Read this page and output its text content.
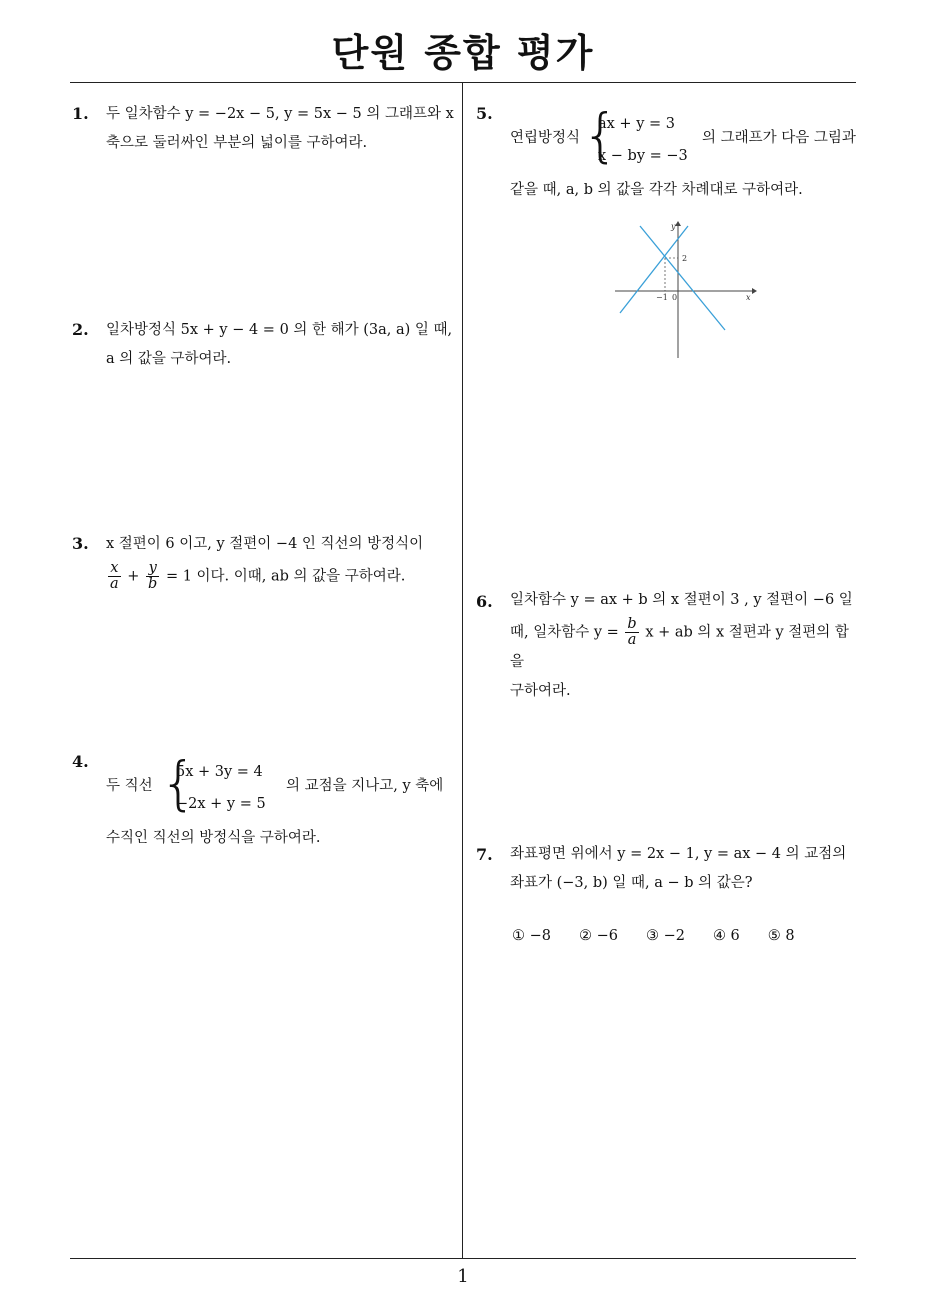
단원 종합 평가
1
1. 두 일차함수 y = −2x − 5, y = 5x − 5 의 그래프와 x
축으로 둘러싸인 부분의 넓이를 구하여라.
2. 일차방정식 5x + y − 4 = 0 의 한 해가 (3a, a) 일 때,
a 의 값을 구하여라.
3. x 절편이 6 이고, y 절편이 −4 인 직선의 방정식이
$\frac{x}{a} + \frac{y}{b} = 1$ 이다. 이때, ab 의 값을 구하여라.
4.
두 직선 {
5x + 3y = 4
−2x + y = 5
의 교점을 지나고, y 축에
수직인 직선의 방정식을 구하여라.
5.
연립방정식 {
ax + y = 3
x − by = −3
의 그래프가 다음 그림과
같을 때, a, b 의 값을 각각 차례대로 구하여라.
y
x
2
−1 0
6. 일차함수 y = ax + b 의 x 절편이 3 , y 절편이 −6 일
때, 일차함수 $y = \frac{b}{a}$ x + ab 의 x 절편과 y 절편의 합을
구하여라.
7. 좌표평면 위에서 y = 2x − 1, y = ax − 4 의 교점의
좌표가 (−3, b) 일 때, a − b 의 값은?
① −8 ② −6 ③ −2 ④ 6 ⑤ 8
